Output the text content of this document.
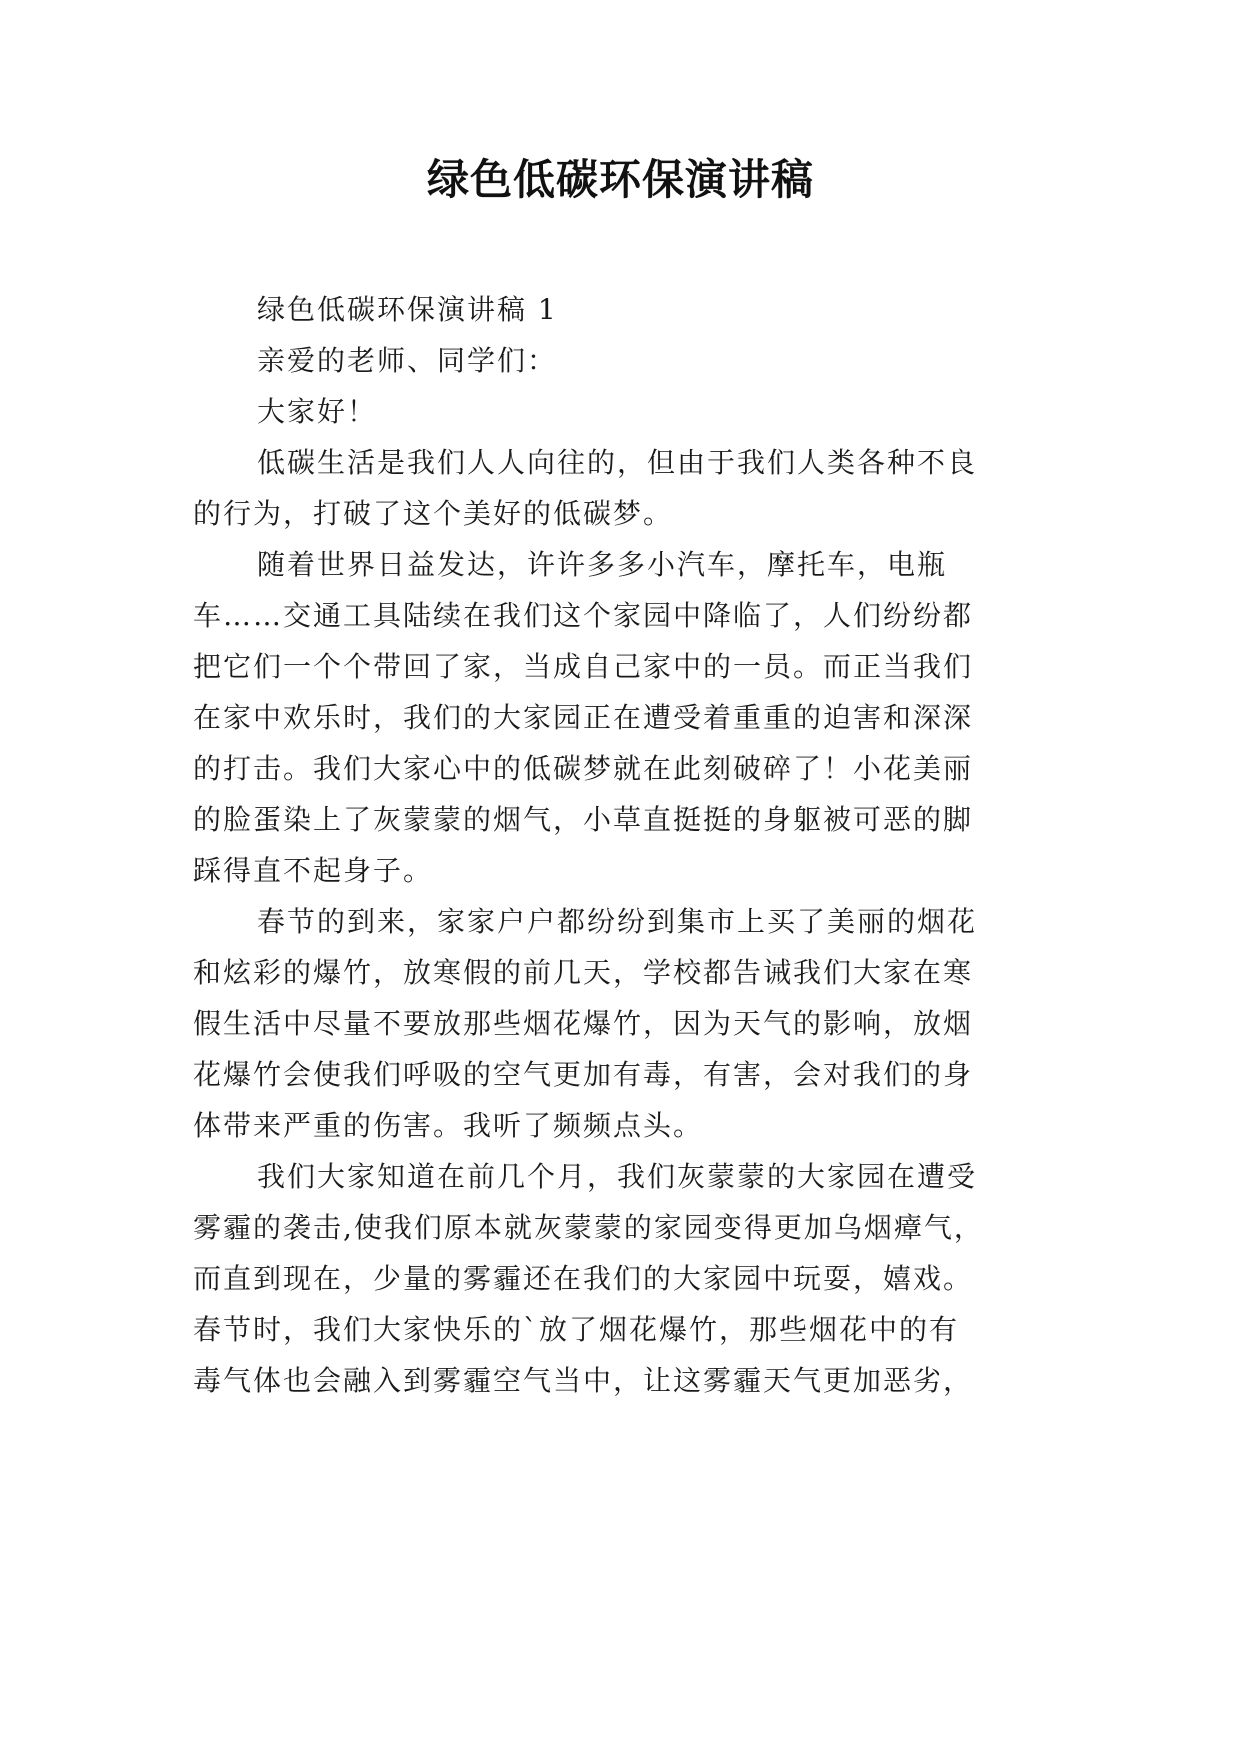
绿色低碳环保演讲稿
绿色低碳环保演讲稿 1
亲爱的老师、同学们：
大家好！
低碳生活是我们人人向往的，但由于我们人类各种不良
的行为，打破了这个美好的低碳梦。
随着世界日益发达，许许多多小汽车，摩托车，电瓶
车……交通工具陆续在我们这个家园中降临了，人们纷纷都
把它们一个个带回了家，当成自己家中的一员。而正当我们
在家中欢乐时，我们的大家园正在遭受着重重的迫害和深深
的打击。我们大家心中的低碳梦就在此刻破碎了！小花美丽
的脸蛋染上了灰蒙蒙的烟气，小草直挺挺的身躯被可恶的脚
踩得直不起身子。
春节的到来，家家户户都纷纷到集市上买了美丽的烟花
和炫彩的爆竹，放寒假的前几天，学校都告诫我们大家在寒
假生活中尽量不要放那些烟花爆竹，因为天气的影响，放烟
花爆竹会使我们呼吸的空气更加有毒，有害，会对我们的身
体带来严重的伤害。我听了频频点头。
我们大家知道在前几个月，我们灰蒙蒙的大家园在遭受
雾霾的袭击,使我们原本就灰蒙蒙的家园变得更加乌烟瘴气，
而直到现在，少量的雾霾还在我们的大家园中玩耍，嬉戏。
春节时，我们大家快乐的`放了烟花爆竹，那些烟花中的有
毒气体也会融入到雾霾空气当中，让这雾霾天气更加恶劣，
